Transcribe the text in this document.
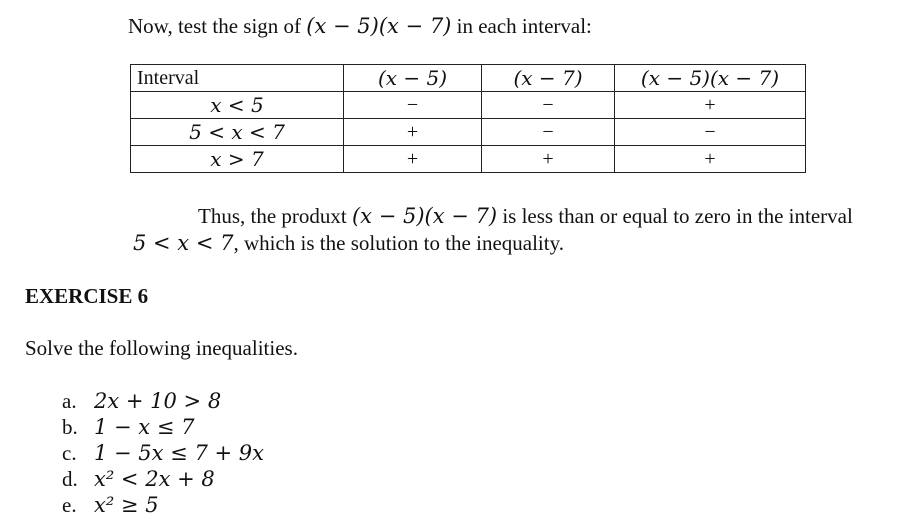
Now, test the sign of (x − 5)(x − 7) in each interval:
Interval	(x − 5)	(x − 7)	(x − 5)(x − 7)
x < 5	−	−	+
5 < x < 7	+	−	−
x > 7	+	+	+
Thus, the produxt (x − 5)(x − 7) is less than or equal to zero in the interval
5 < x < 7, which is the solution to the inequality.
EXERCISE 6
Solve the following inequalities.
a. 2x + 10 > 8
b. 1 − x ≤ 7
c. 1 − 5x ≤ 7 + 9x
d. x² < 2x + 8
e. x² ≥ 5
